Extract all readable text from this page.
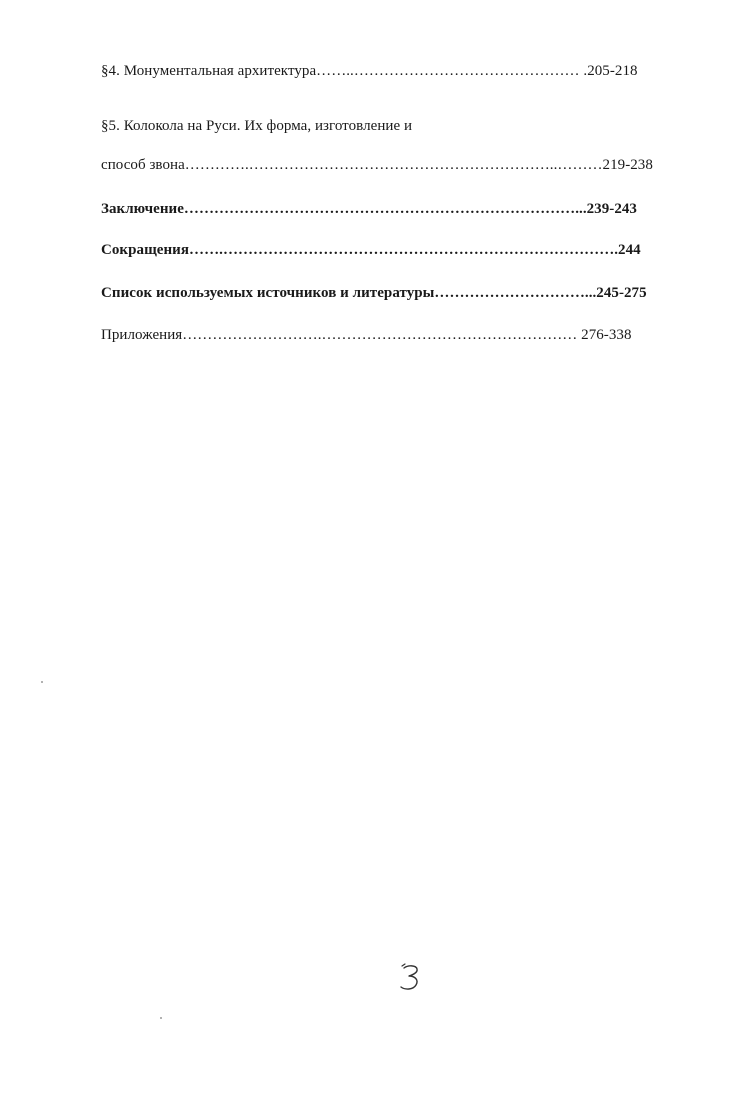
§4. Монументальная архитектура……..……………………………………… .205-218
§5. Колокола на Руси. Их форма, изготовление и
способ звона………….……………………………………………………..………219-238
Заключение……………………………………………………………………...239-243
Сокращения…….…………………………………………………………………….244
Список используемых источников и литературы…………………………...245-275
Приложения……………………….…………………………………………… 276-338
